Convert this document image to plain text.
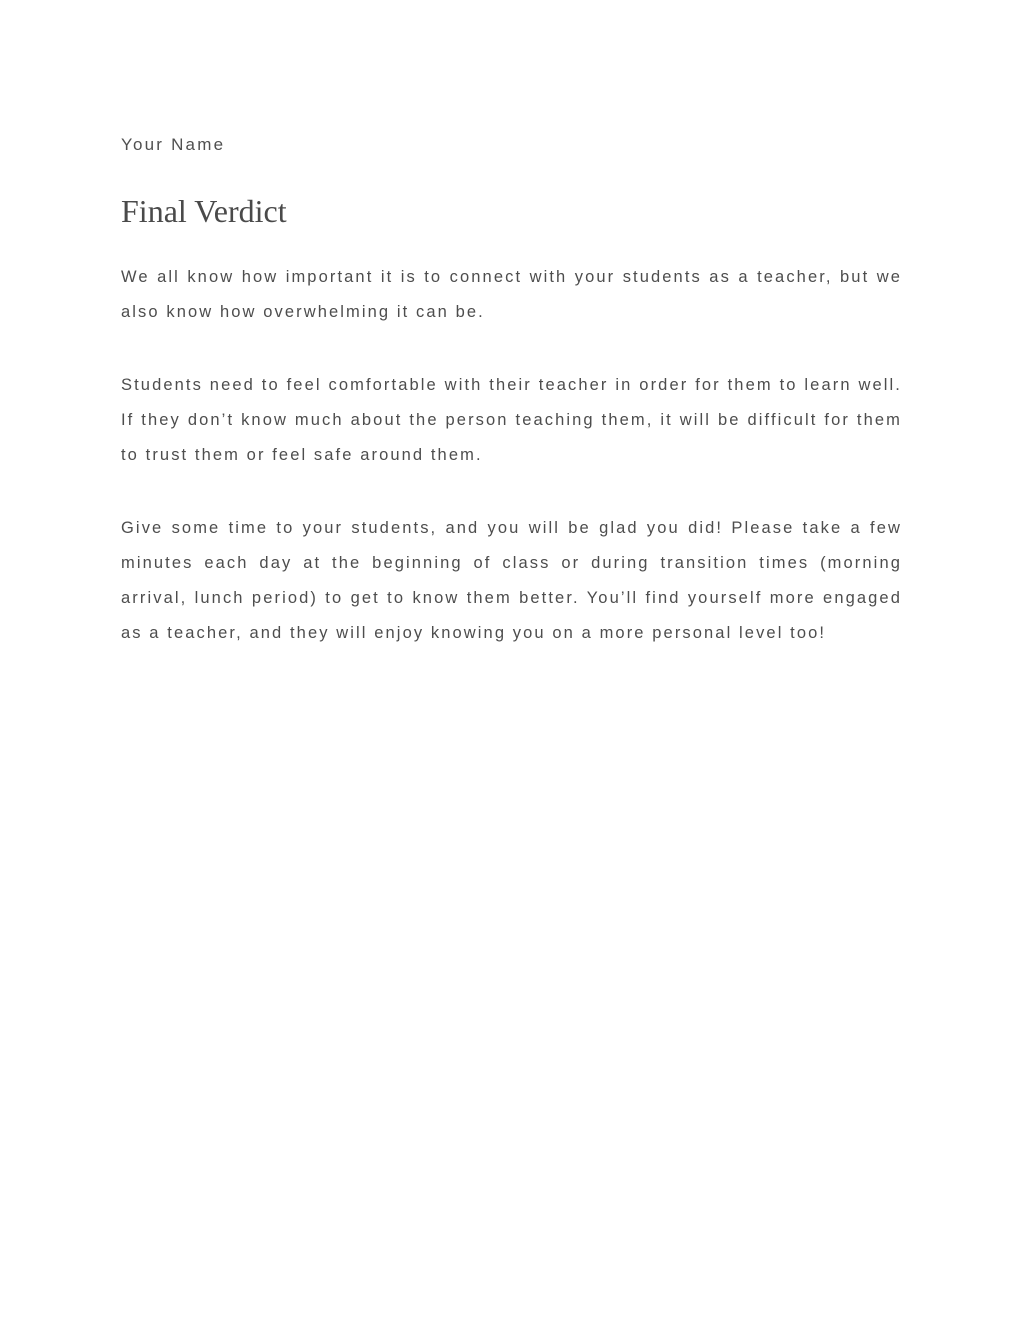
Your Name

Final Verdict

We all know how important it is to connect with your students as a teacher, but we also know how overwhelming it can be.

Students need to feel comfortable with their teacher in order for them to learn well. If they don’t know much about the person teaching them, it will be difficult for them to trust them or feel safe around them.

Give some time to your students, and you will be glad you did! Please take a few minutes each day at the beginning of class or during transition times (morning arrival, lunch period) to get to know them better. You’ll find yourself more engaged as a teacher, and they will enjoy knowing you on a more personal level too!
